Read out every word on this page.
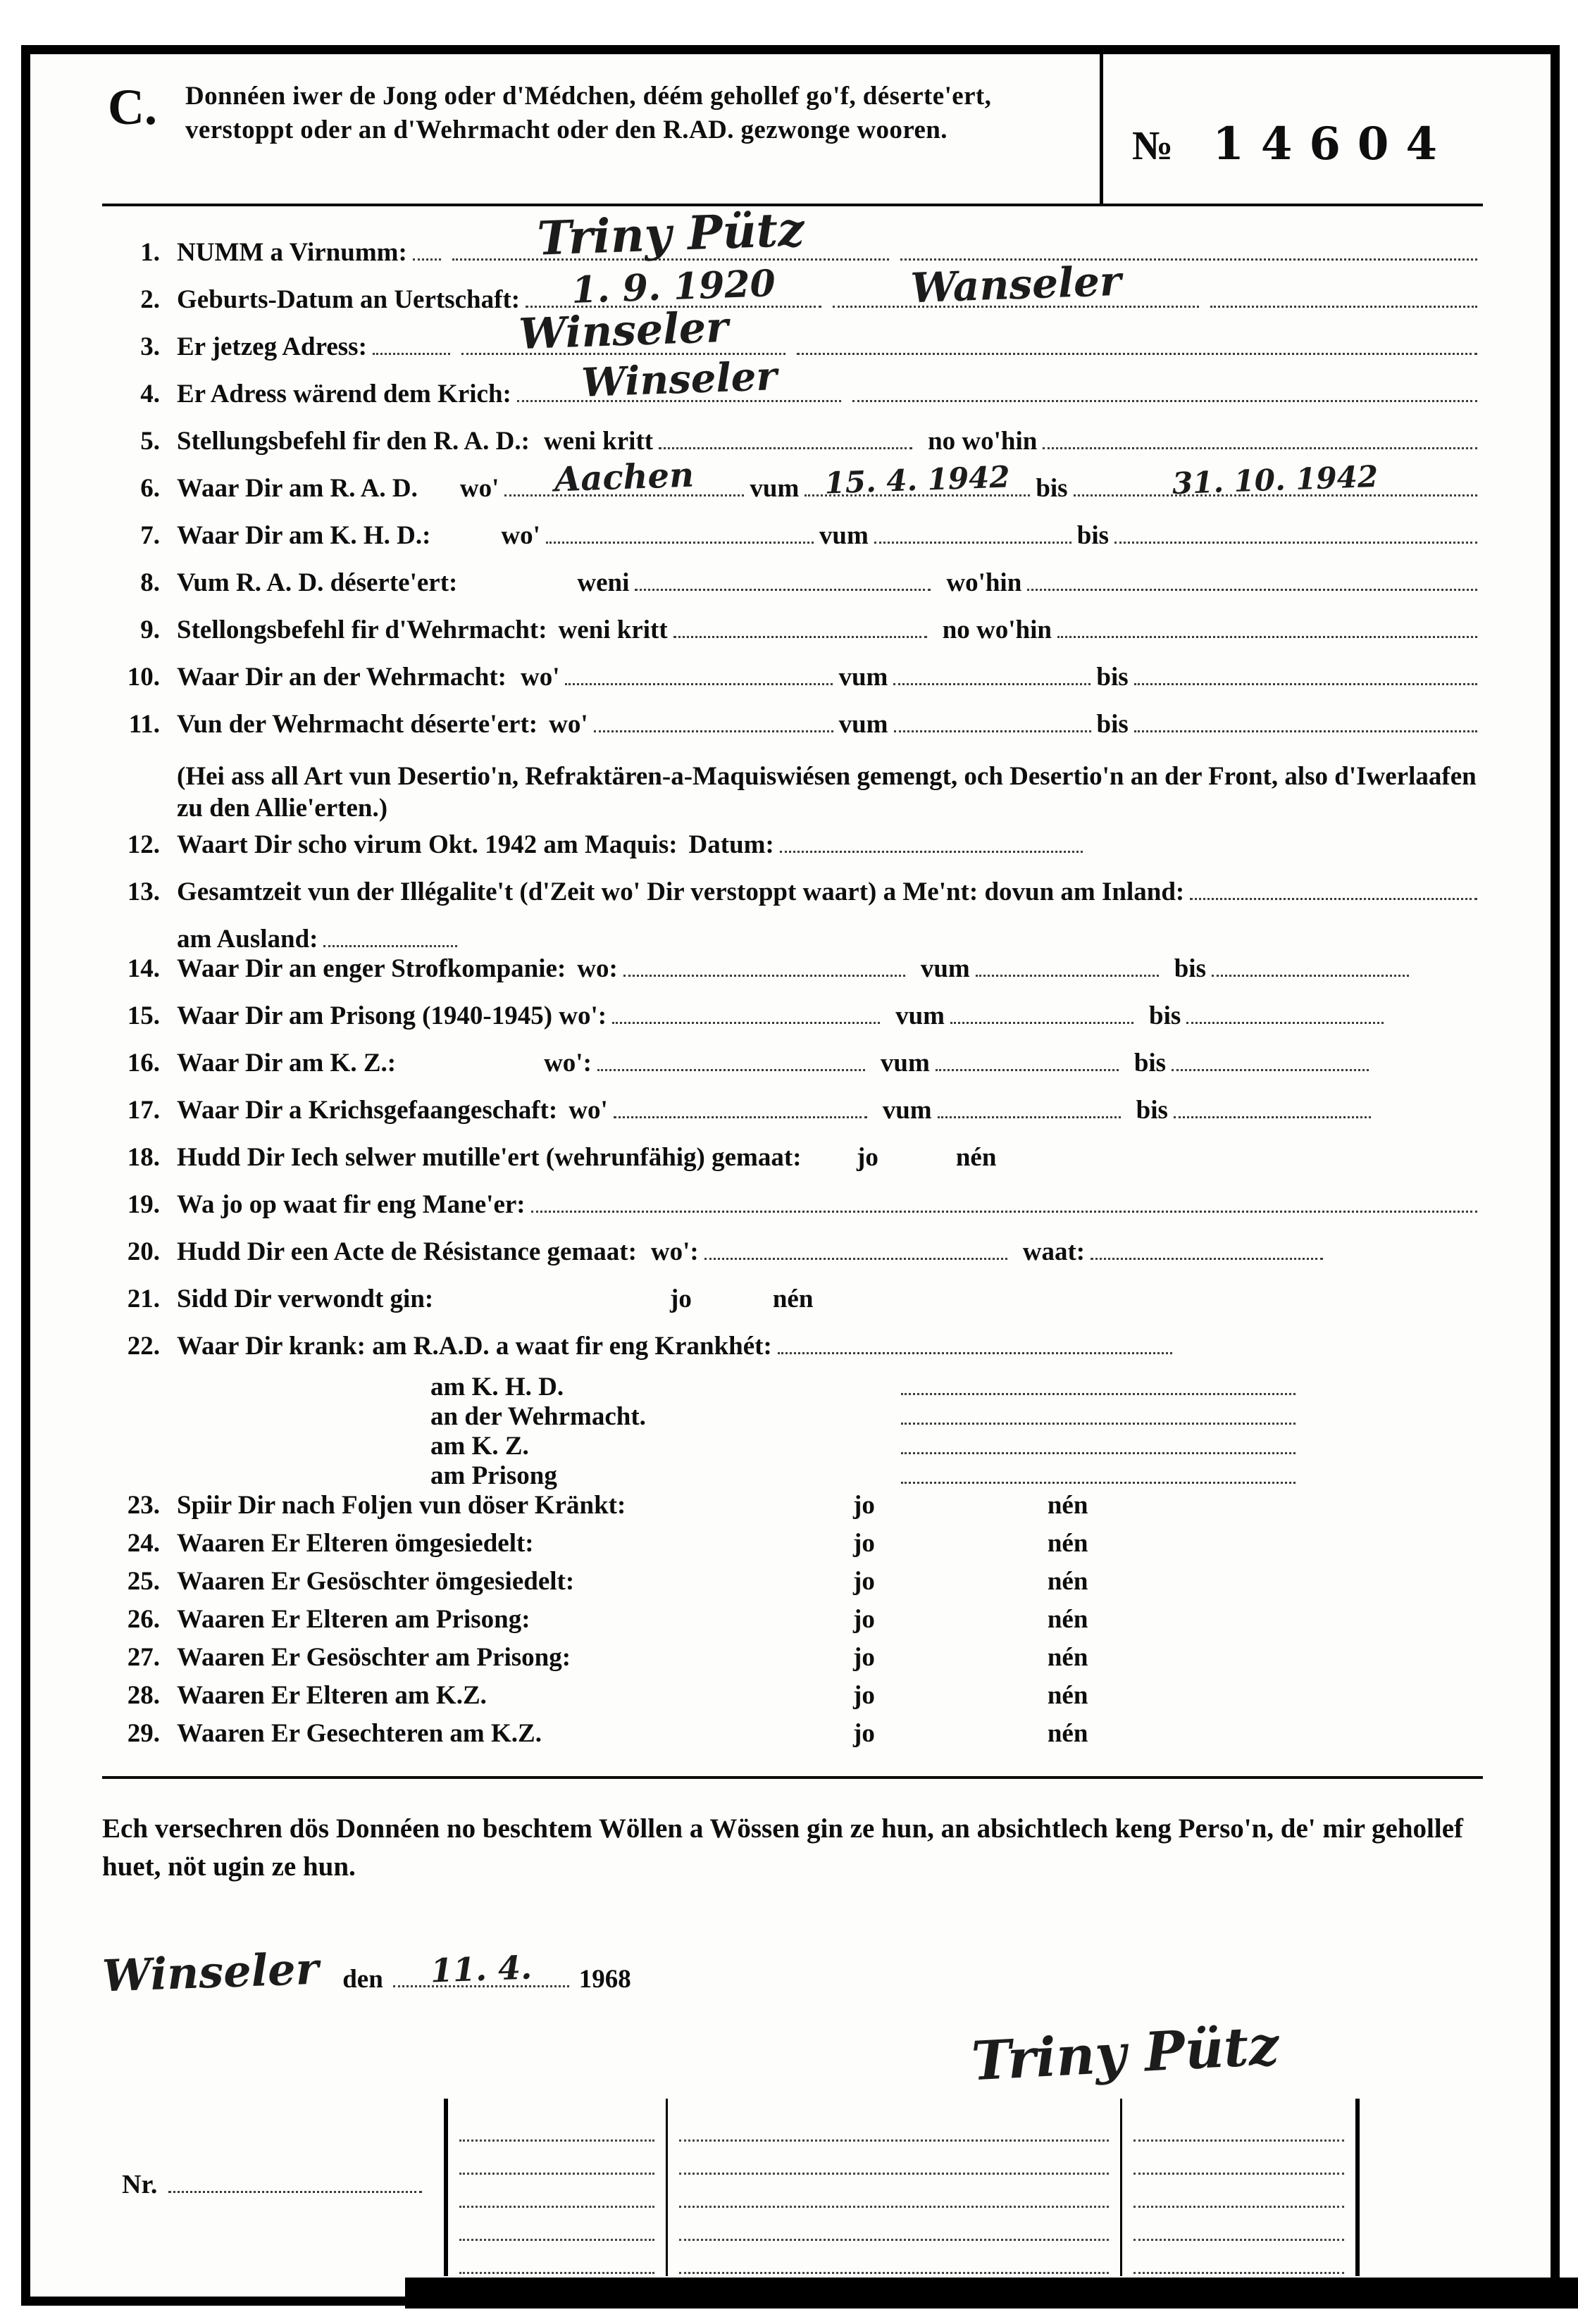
C.	Donnéen iwer de Jong oder d'Médchen, déém gehollef go'f, déserte'ert, verstoppt oder an d'Wehrmacht oder den R.AD. gezwonge wooren.	№ 14604
1. NUMM a Virnumm:	Triny Pütz
2. Geburts-Datum an Uertschaft: 1. 9. 1920	Wanseler
3. Er jetzeg Adress:	Winseler
4. Er Adress wärend dem Krich: Winseler
5. Stellungsbefehl fir den R. A. D.: weni kritt	no wo'hin
6. Waar Dir am R. A. D. wo' Aachen vum 15. 4. 1942 bis	31. 10. 1942
7. Waar Dir am K. H. D.:	wo'	vum	bis
8. Vum R. A. D. déserte'ert:	weni	wo'hin
9. Stellongsbefehl fir d'Wehrmacht: weni kritt	no wo'hin
10. Waar Dir an der Wehrmacht: wo'	vum	bis
11. Vun der Wehrmacht déserte'ert: wo'	vum	bis
(Hei ass all Art vun Desertio'n, Refraktären-a-Maquiswiésen gemengt, och Desertio'n an der Front, also d'Iwerlaafen zu den Allie'erten.)
12. Waart Dir scho virum Okt. 1942 am Maquis: Datum:
13. Gesamtzeit vun der Illégalite't (d'Zeit wo' Dir verstoppt waart) a Me'nt: dovun am Inland:
am Ausland:
14. Waar Dir an enger Strofkompanie: wo:	vum	bis
15. Waar Dir am Prisong (1940-1945) wo':	vum	bis
16. Waar Dir am K. Z.:	wo':	vum	bis
17. Waar Dir a Krichsgefaangeschaft: wo'	vum	bis
18. Hudd Dir Iech selwer mutille'ert (wehrunfähig) gemaat:	jo	nén
19. Wa jo op waat fir eng Mane'er:
20. Hudd Dir een Acte de Résistance gemaat: wo':	waat:
21. Sidd Dir verwondt gin:	jo	nén
22. Waar Dir krank: am R.A.D. a waat fir eng Krankhét:
am K. H. D.
an der Wehrmacht.
am K. Z.
am Prisong
23. Spiir Dir nach Foljen vun döser Kränkt:	jo	nén
24. Waaren Er Elteren ömgesiedelt:	jo	nén
25. Waaren Er Gesöschter ömgesiedelt:	jo	nén
26. Waaren Er Elteren am Prisong:	jo	nén
27. Waaren Er Gesöschter am Prisong:	jo	nén
28. Waaren Er Elteren am K.Z.	jo	nén
29. Waaren Er Gesechteren am K.Z.	jo	nén
Ech versechren dös Donnéen no beschtem Wöllen a Wössen gin ze hun, an absichtlech keng Perso'n, de' mir gehollef huet, nöt ugin ze hun.
Winseler den 11. 4. 1968
Triny Pütz
Nr.
